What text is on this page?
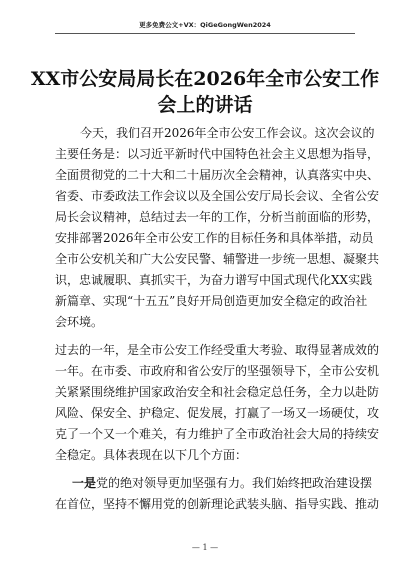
更多免费公文+VX：QiGeGongWen2024
XX市公安局局长在2026年全市公安工作
会上的讲话
今天，我们召开2026年全市公安工作会议。这次会议的
主要任务是：以习近平新时代中国特色社会主义思想为指导，
全面贯彻党的二十大和二十届历次全会精神，认真落实中央、
省委、市委政法工作会议以及全国公安厅局长会议、全省公安
局长会议精神，总结过去一年的工作，分析当前面临的形势，
安排部署2026年全市公安工作的目标任务和具体举措，动员
全市公安机关和广大公安民警、辅警进一步统一思想、凝聚共
识，忠诚履职、真抓实干，为奋力谱写中国式现代化XX实践
新篇章、实现“十五五”良好开局创造更加安全稳定的政治社
会环境。
过去的一年，是全市公安工作经受重大考验、取得显著成效的
一年。在市委、市政府和省公安厅的坚强领导下，全市公安机
关紧紧围绕维护国家政治安全和社会稳定总任务，全力以赴防
风险、保安全、护稳定、促发展，打赢了一场又一场硬仗，攻
克了一个又一个难关，有力维护了全市政治社会大局的持续安
全稳定。具体表现在以下几个方面：
一是党的绝对领导更加坚强有力。我们始终把政治建设摆
在首位，坚持不懈用党的创新理论武装头脑、指导实践、推动
— 1 —
